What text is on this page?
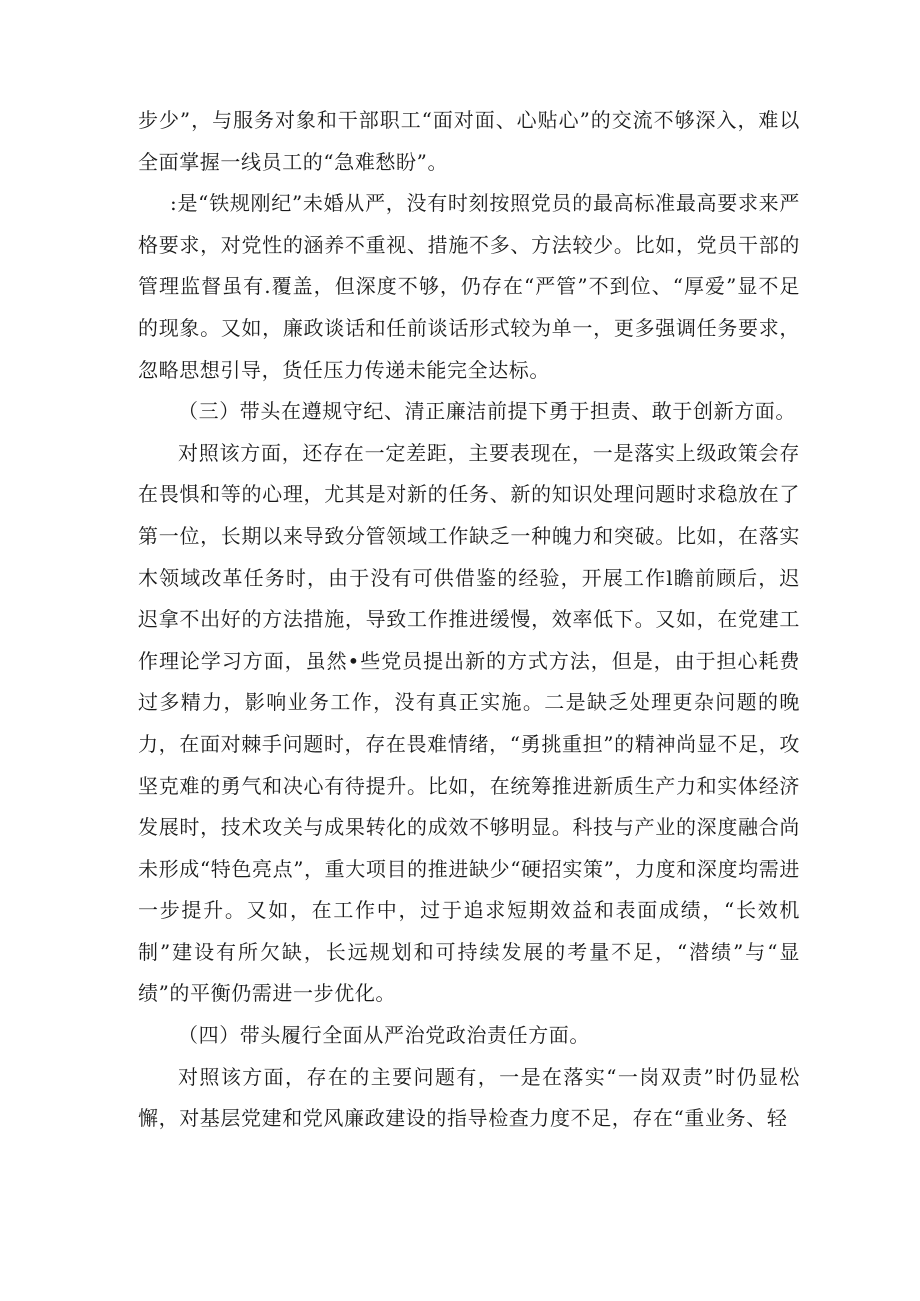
步少”，与服务对象和干部职工“面对面、心贴心”的交流不够深入，难以全面掌握一线员工的“急难愁盼”。

:是“铁规刚纪”未婚从严，没有时刻按照党员的最高标准最高要求来严格要求，对党性的涵养不重视、措施不多、方法较少。比如，党员干部的管理监督虽有.覆盖，但深度不够，仍存在“严管”不到位、“厚爱”显不足的现象。又如，廉政谈话和任前谈话形式较为单一，更多强调任务要求，忽略思想引导，货任压力传递未能完全达标。

（三）带头在遵规守纪、清正廉洁前提下勇于担责、敢于创新方面。

对照该方面，还存在一定差距，主要表现在，一是落实上级政策会存在畏惧和等的心理，尤其是对新的任务、新的知识处理问题时求稳放在了第一位，长期以来导致分管领域工作缺乏一种魄力和突破。比如，在落实木领域改革任务时，由于没有可供借鉴的经验，开展工作l瞻前顾后，迟迟拿不出好的方法措施，导致工作推进缓慢，效率低下。又如，在党建工作理论学习方面，虽然•些党员提出新的方式方法，但是，由于担心耗费过多精力，影响业务工作，没有真正实施。二是缺乏处理更杂问题的晚力，在面对棘手问题时，存在畏难情绪，“勇挑重担”的精神尚显不足，攻坚克难的勇气和决心有待提升。比如，在统筹推进新质生产力和实体经济发展时，技术攻关与成果转化的成效不够明显。科技与产业的深度融合尚未形成“特色亮点”，重大项目的推进缺少“硬招实策”，力度和深度均需进一步提升。又如，在工作中，过于追求短期效益和表面成绩，“长效机制”建设有所欠缺，长远规划和可持续发展的考量不足，“潜绩”与“显绩”的平衡仍需进一步优化。

（四）带头履行全面从严治党政治责任方面。

对照该方面，存在的主要问题有，一是在落实“一岗双责”时仍显松懈，对基层党建和党风廉政建设的指导检查力度不足，存在“重业务、轻
